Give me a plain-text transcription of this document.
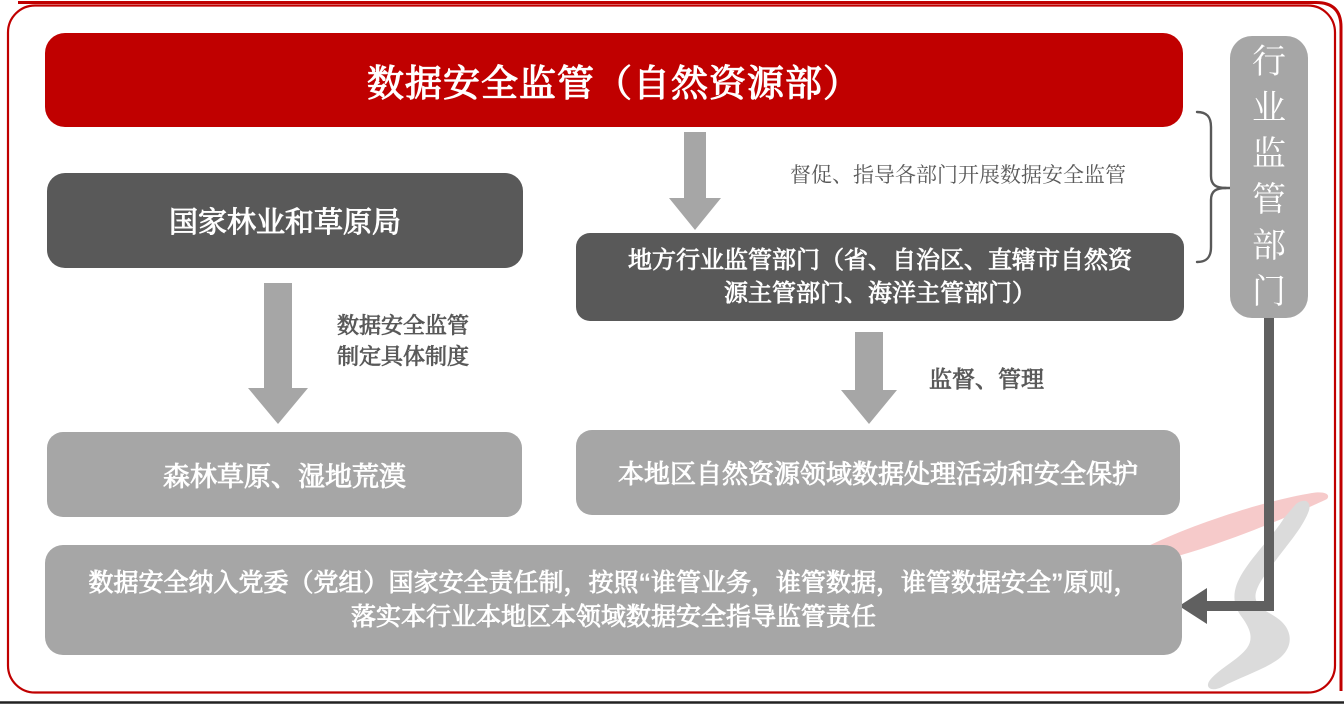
数据安全监管（自然资源部）
国家林业和草原局
地方行业监管部门（省、自治区、直辖市自然资源主管部门、海洋主管部门）
森林草原、湿地荒漠	本地区自然资源领域数据处理活动和安全保护
数据安全纳入党委（党组）国家安全责任制，按照“谁管业务，谁管数据，谁管数据安全”原则，
落实本行业本地区本领域数据安全指导监管责任
行业监管部门
督促、指导各部门开展数据安全监管
数据安全监管
制定具体制度
监督、管理
